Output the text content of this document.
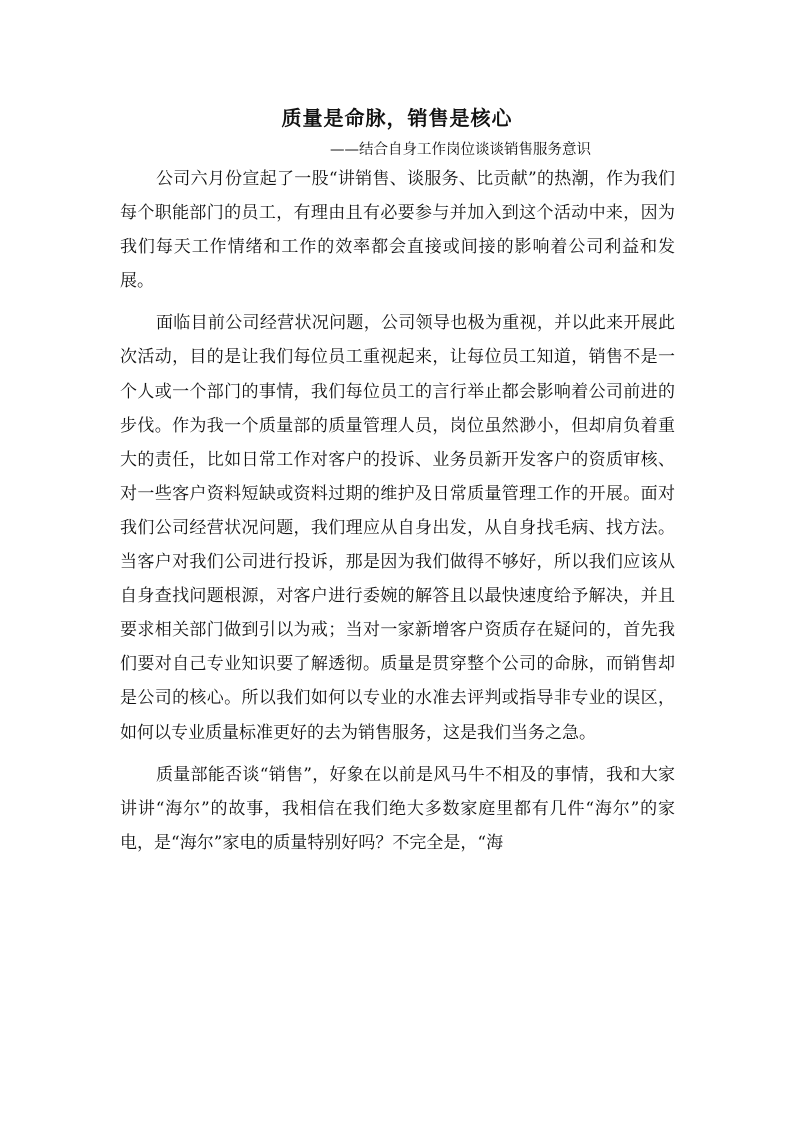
质量是命脉，销售是核心

——结合自身工作岗位谈谈销售服务意识

公司六月份宣起了一股“讲销售、谈服务、比贡献”的热潮，作为我们每个职能部门的员工，有理由且有必要参与并加入到这个活动中来，因为我们每天工作情绪和工作的效率都会直接或间接的影响着公司利益和发展。

面临目前公司经营状况问题，公司领导也极为重视，并以此来开展此次活动，目的是让我们每位员工重视起来，让每位员工知道，销售不是一个人或一个部门的事情，我们每位员工的言行举止都会影响着公司前进的步伐。作为我一个质量部的质量管理人员，岗位虽然渺小，但却肩负着重大的责任，比如日常工作对客户的投诉、业务员新开发客户的资质审核、对一些客户资料短缺或资料过期的维护及日常质量管理工作的开展。面对我们公司经营状况问题，我们理应从自身出发，从自身找毛病、找方法。当客户对我们公司进行投诉，那是因为我们做得不够好，所以我们应该从自身查找问题根源，对客户进行委婉的解答且以最快速度给予解决，并且要求相关部门做到引以为戒；当对一家新增客户资质存在疑问的，首先我们要对自己专业知识要了解透彻。质量是贯穿整个公司的命脉，而销售却是公司的核心。所以我们如何以专业的水准去评判或指导非专业的误区，如何以专业质量标准更好的去为销售服务，这是我们当务之急。

质量部能否谈“销售”，好象在以前是风马牛不相及的事情，我和大家讲讲“海尔”的故事，我相信在我们绝大多数家庭里都有几件“海尔”的家电，是“海尔”家电的质量特别好吗？不完全是，“海
